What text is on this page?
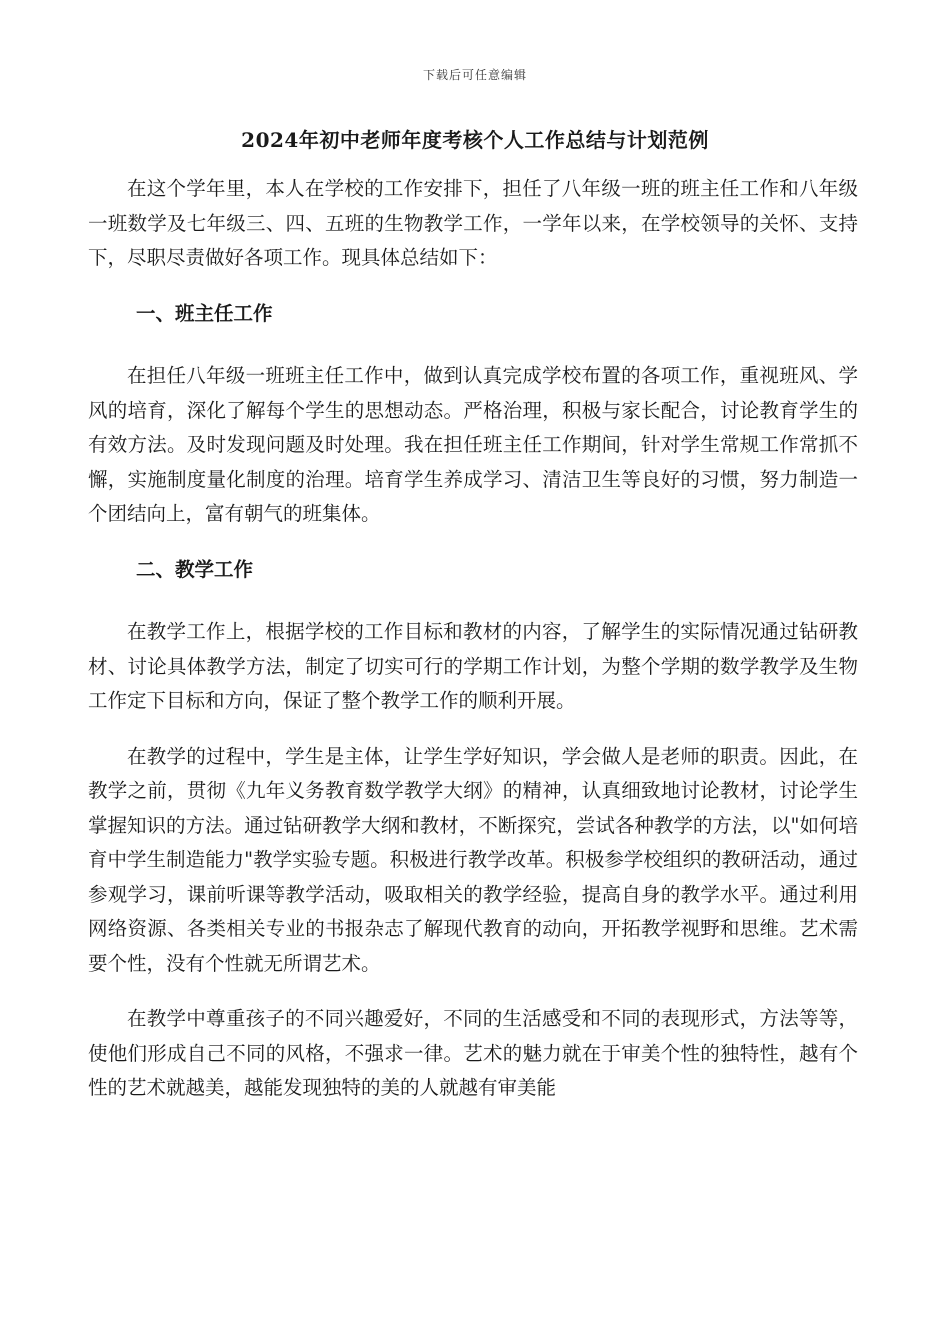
下载后可任意编辑
2024年初中老师年度考核个人工作总结与计划范例

在这个学年里，本人在学校的工作安排下，担任了八年级一班的班主任工作和八年级一班数学及七年级三、四、五班的生物教学工作，一学年以来，在学校领导的关怀、支持下，尽职尽责做好各项工作。现具体总结如下：

一、班主任工作

在担任八年级一班班主任工作中，做到认真完成学校布置的各项工作，重视班风、学风的培育，深化了解每个学生的思想动态。严格治理，积极与家长配合，讨论教育学生的有效方法。及时发现问题及时处理。我在担任班主任工作期间，针对学生常规工作常抓不懈，实施制度量化制度的治理。培育学生养成学习、清洁卫生等良好的习惯，努力制造一个团结向上，富有朝气的班集体。

二、教学工作

在教学工作上，根据学校的工作目标和教材的内容，了解学生的实际情况通过钻研教材、讨论具体教学方法，制定了切实可行的学期工作计划，为整个学期的数学教学及生物工作定下目标和方向，保证了整个教学工作的顺利开展。

在教学的过程中，学生是主体，让学生学好知识，学会做人是老师的职责。因此，在教学之前，贯彻《九年义务教育数学教学大纲》的精神，认真细致地讨论教材，讨论学生掌握知识的方法。通过钻研教学大纲和教材，不断探究，尝试各种教学的方法，以"如何培育中学生制造能力"教学实验专题。积极进行教学改革。积极参学校组织的教研活动，通过参观学习，课前听课等教学活动，吸取相关的教学经验，提高自身的教学水平。通过利用网络资源、各类相关专业的书报杂志了解现代教育的动向，开拓教学视野和思维。艺术需要个性，没有个性就无所谓艺术。

在教学中尊重孩子的不同兴趣爱好，不同的生活感受和不同的表现形式，方法等等，使他们形成自己不同的风格，不强求一律。艺术的魅力就在于审美个性的独特性，越有个性的艺术就越美，越能发现独特的美的人就越有审美能
